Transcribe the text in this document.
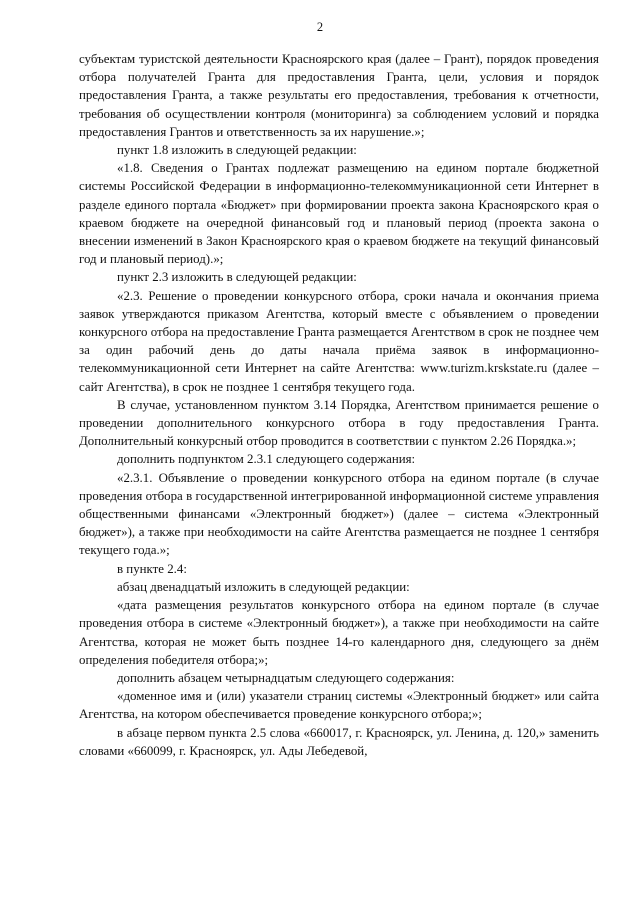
2

субъектам туристской деятельности Красноярского края (далее – Грант), порядок проведения отбора получателей Гранта для предоставления Гранта, цели, условия и порядок предоставления Гранта, а также результаты его предоставления, требования к отчетности, требования об осуществлении контроля (мониторинга) за соблюдением условий и порядка предоставления Грантов и ответственность за их нарушение.»;

пункт 1.8 изложить в следующей редакции:

«1.8. Сведения о Грантах подлежат размещению на едином портале бюджетной системы Российской Федерации в информационно-телекоммуникационной сети Интернет в разделе единого портала «Бюджет» при формировании проекта закона Красноярского края о краевом бюджете на очередной финансовый год и плановый период (проекта закона о внесении изменений в Закон Красноярского края о краевом бюджете на текущий финансовый год и плановый период).»;

пункт 2.3 изложить в следующей редакции:

«2.3. Решение о проведении конкурсного отбора, сроки начала и окончания приема заявок утверждаются приказом Агентства, который вместе с объявлением о проведении конкурсного отбора на предоставление Гранта размещается Агентством в срок не позднее чем за один рабочий день до даты начала приёма заявок в информационно-телекоммуникационной сети Интернет на сайте Агентства: www.turizm.krskstate.ru (далее – сайт Агентства), в срок не позднее 1 сентября текущего года.

В случае, установленном пунктом 3.14 Порядка, Агентством принимается решение о проведении дополнительного конкурсного отбора в году предоставления Гранта. Дополнительный конкурсный отбор проводится в соответствии с пунктом 2.26 Порядка.»;

дополнить подпунктом 2.3.1 следующего содержания:

«2.3.1. Объявление о проведении конкурсного отбора на едином портале (в случае проведения отбора в государственной интегрированной информационной системе управления общественными финансами «Электронный бюджет») (далее – система «Электронный бюджет»), а также при необходимости на сайте Агентства размещается не позднее 1 сентября текущего года.»;

в пункте 2.4:

абзац двенадцатый изложить в следующей редакции:

«дата размещения результатов конкурсного отбора на едином портале (в случае проведения отбора в системе «Электронный бюджет»), а также при необходимости на сайте Агентства, которая не может быть позднее 14-го календарного дня, следующего за днём определения победителя отбора;»;

дополнить абзацем четырнадцатым следующего содержания:

«доменное имя и (или) указатели страниц системы «Электронный бюджет» или сайта Агентства, на котором обеспечивается проведение конкурсного отбора;»;

в абзаце первом пункта 2.5 слова «660017, г. Красноярск, ул. Ленина, д. 120,» заменить словами «660099, г. Красноярск, ул. Ады Лебедевой,
